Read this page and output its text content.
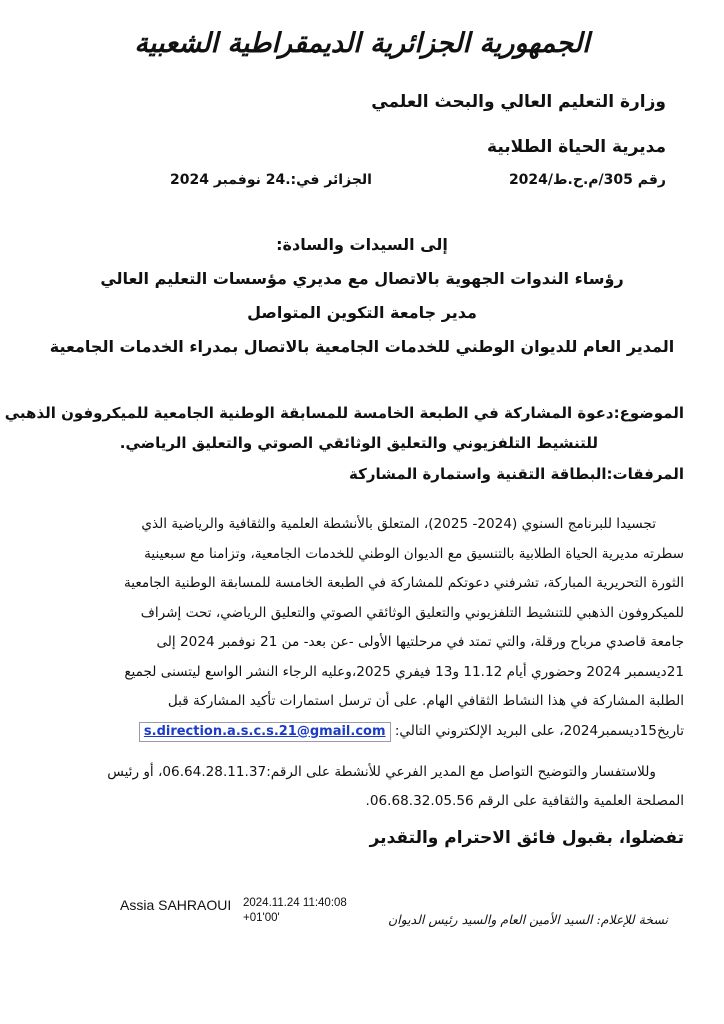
الجمهورية الجزائرية الديمقراطية الشعبية
وزارة التعليم العالي والبحث العلمي
مديرية الحياة الطلابية
رقم 305/م.ح.ط/2024
الجزائر في:.24 نوفمبر 2024
إلى السيدات والسادة:
رؤساء الندوات الجهوية بالاتصال مع مديري مؤسسات التعليم العالي
مدير جامعة التكوين المتواصل
المدير العام للديوان الوطني للخدمات الجامعية بالاتصال بمدراء الخدمات الجامعية
الموضوع:دعوة المشاركة في الطبعة الخامسة للمسابقة الوطنية الجامعية للميكروفون الذهبي
للتنشيط التلفزيوني والتعليق الوثائقي الصوتي والتعليق الرياضي.
المرفقات:البطاقة التقنية واستمارة المشاركة
تجسيدا للبرنامج السنوي (2024- 2025)، المتعلق بالأنشطة العلمية والثقافية والرياضية الذي
سطرته مديرية الحياة الطلابية بالتنسيق مع الديوان الوطني للخدمات الجامعية، وتزامنا مع سبعينية
الثورة التحريرية المباركة، تشرفني دعوتكم للمشاركة في الطبعة الخامسة للمسابقة الوطنية الجامعية
للميكروفون الذهبي للتنشيط التلفزيوني والتعليق الوثائقي الصوتي والتعليق الرياضي، تحت إشراف
جامعة قاصدي مرباح ورقلة، والتي تمتد في مرحلتيها الأولى -عن بعد- من 21 نوفمبر 2024 إلى
21ديسمبر 2024 وحضوري أيام 11.12 و13 فيفري 2025،وعليه الرجاء النشر الواسع ليتسنى لجميع
الطلبة المشاركة في هذا النشاط الثقافي الهام. على أن ترسل استمارات تأكيد المشاركة قبل
تاريخ15ديسمبر2024، على البريد الإلكتروني التالي: s.direction.a.s.c.s.21@gmail.com
وللاستفسار والتوضيح التواصل مع المدير الفرعي للأنشطة على الرقم:06.64.28.11.37، أو رئيس
المصلحة العلمية والثقافية على الرقم 06.68.32.05.56.
تفضلوا، بقبول فائق الاحترام والتقدير
Assia SAHRAOUI 2024.11.24 11:40:08
+01'00'	نسخة للإعلام: السيد الأمين العام والسيد رئيس الديوان
